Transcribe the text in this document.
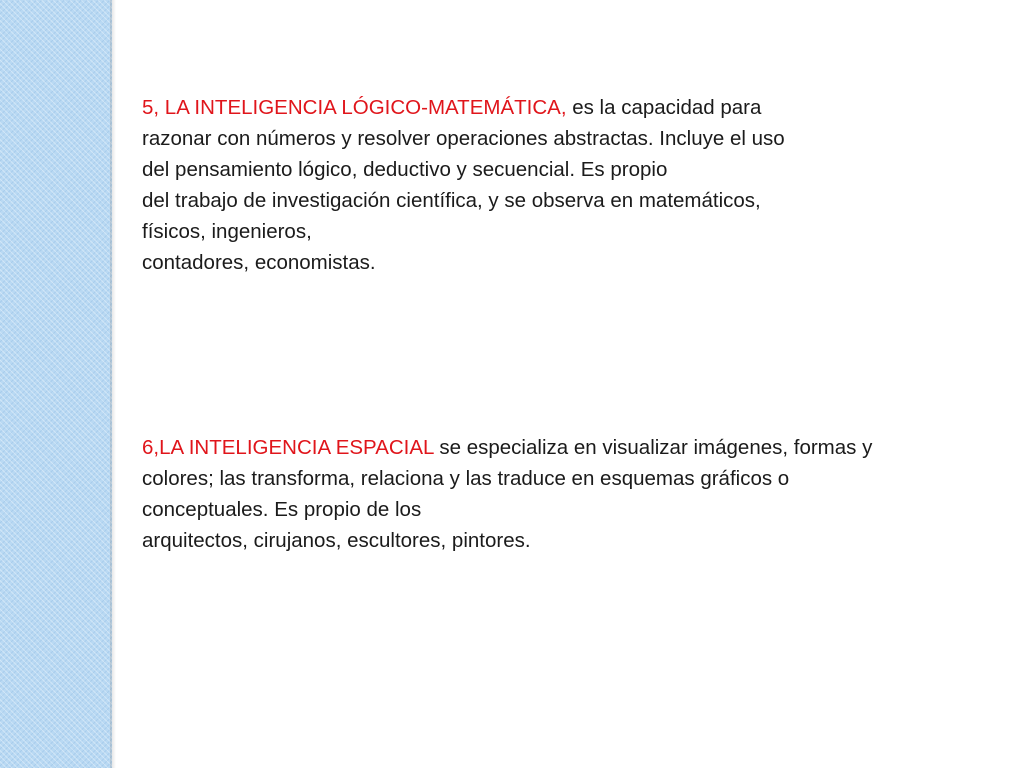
5, LA INTELIGENCIA LÓGICO-MATEMÁTICA, es la capacidad para
razonar con números y resolver operaciones abstractas. Incluye el uso
del pensamiento lógico, deductivo y secuencial. Es propio
del trabajo de investigación científica, y se observa en matemáticos,
físicos, ingenieros,
contadores, economistas.
6,LA INTELIGENCIA ESPACIAL se especializa en visualizar imágenes, formas y
colores; las transforma, relaciona y las traduce en esquemas gráficos o
conceptuales. Es propio de los
arquitectos, cirujanos, escultores, pintores.
